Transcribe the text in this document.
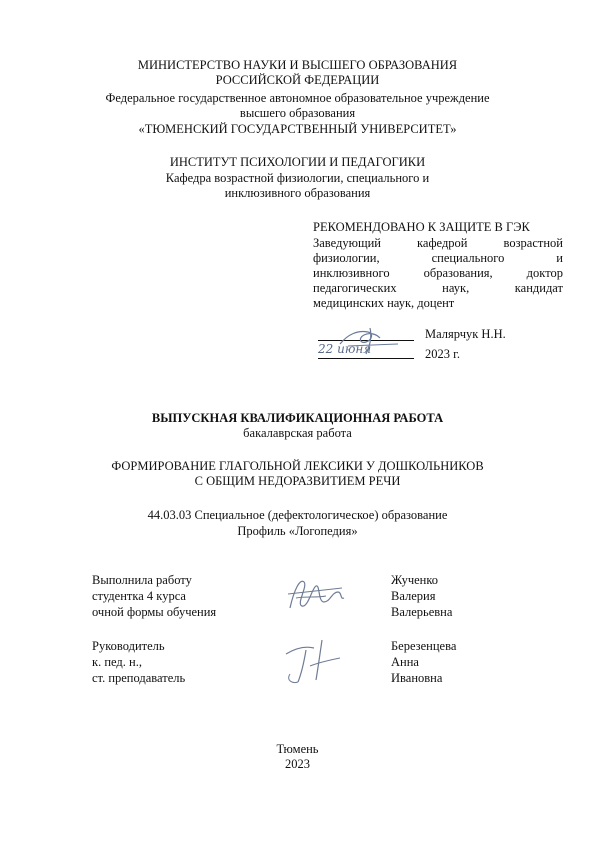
МИНИСТЕРСТВО НАУКИ И ВЫСШЕГО ОБРАЗОВАНИЯ
РОССИЙСКОЙ ФЕДЕРАЦИИ
Федеральное государственное автономное образовательное учреждение
высшего образования
«ТЮМЕНСКИЙ ГОСУДАРСТВЕННЫЙ УНИВЕРСИТЕТ»
ИНСТИТУТ ПСИХОЛОГИИ И ПЕДАГОГИКИ
Кафедра возрастной физиологии, специального и
инклюзивного образования
РЕКОМЕНДОВАНО К ЗАЩИТЕ В ГЭК

Заведующий кафедрой возрастной

физиологии, специального и

инклюзивного образования, доктор

педагогических наук, кандидат

медицинских наук, доцент

22 июня
Малярчук Н.Н.
2023 г.
ВЫПУСКНАЯ КВАЛИФИКАЦИОННАЯ РАБОТА
бакалаврская работа
ФОРМИРОВАНИЕ ГЛАГОЛЬНОЙ ЛЕКСИКИ У ДОШКОЛЬНИКОВ
С ОБЩИМ НЕДОРАЗВИТИЕМ РЕЧИ
44.03.03 Специальное (дефектологическое) образование
Профиль «Логопедия»
Выполнила работу
студентка 4 курса
очной формы обучения
Жученко
Валерия
Валерьевна
Руководитель
к. пед. н.,
ст. преподаватель
Березенцева
Анна
Ивановна
Тюмень
2023
